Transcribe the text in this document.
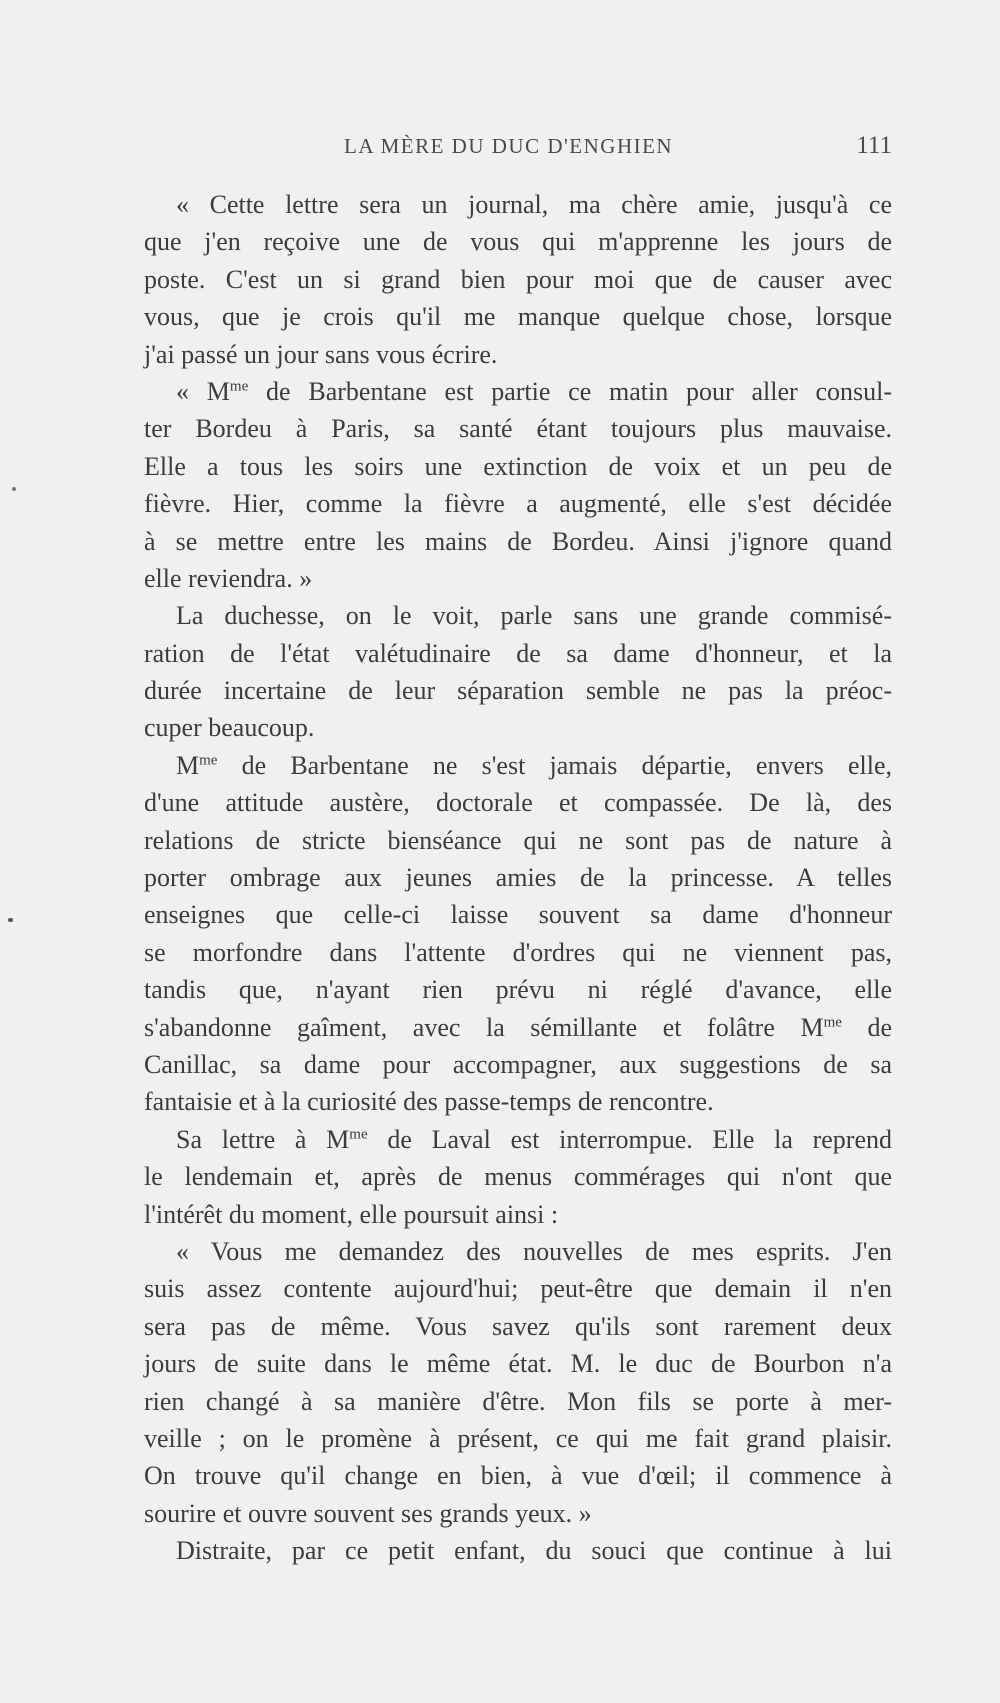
LA MÈRE DU DUC D'ENGHIEN	111
« Cette lettre sera un journal, ma chère amie, jusqu'à ce
que j'en reçoive une de vous qui m'apprenne les jours de
poste. C'est un si grand bien pour moi que de causer avec
vous, que je crois qu'il me manque quelque chose, lorsque
j'ai passé un jour sans vous écrire.
« $M^{me}$ de Barbentane est partie ce matin pour aller consul-
ter Bordeu à Paris, sa santé étant toujours plus mauvaise.
Elle a tous les soirs une extinction de voix et un peu de
fièvre. Hier, comme la fièvre a augmenté, elle s'est décidée
à se mettre entre les mains de Bordeu. Ainsi j'ignore quand
elle reviendra. »
La duchesse, on le voit, parle sans une grande commisé-
ration de l'état valétudinaire de sa dame d'honneur, et la
durée incertaine de leur séparation semble ne pas la préoc-
cuper beaucoup.
$M^{me}$ de Barbentane ne s'est jamais départie, envers elle,
d'une attitude austère, doctorale et compassée. De là, des
relations de stricte bienséance qui ne sont pas de nature à
porter ombrage aux jeunes amies de la princesse. A telles
enseignes que celle-ci laisse souvent sa dame d'honneur
se morfondre dans l'attente d'ordres qui ne viennent pas,
tandis que, n'ayant rien prévu ni réglé d'avance, elle
s'abandonne gaîment, avec la sémillante et folâtre $M^{me}$ de
Canillac, sa dame pour accompagner, aux suggestions de sa
fantaisie et à la curiosité des passe-temps de rencontre.
Sa lettre à $M^{me}$ de Laval est interrompue. Elle la reprend
le lendemain et, après de menus commérages qui n'ont que
l'intérêt du moment, elle poursuit ainsi :
« Vous me demandez des nouvelles de mes esprits. J'en
suis assez contente aujourd'hui; peut-être que demain il n'en
sera pas de même. Vous savez qu'ils sont rarement deux
jours de suite dans le même état. M. le duc de Bourbon n'a
rien changé à sa manière d'être. Mon fils se porte à mer-
veille ; on le promène à présent, ce qui me fait grand plaisir.
On trouve qu'il change en bien, à vue d'œil; il commence à
sourire et ouvre souvent ses grands yeux. »
Distraite, par ce petit enfant, du souci que continue à lui
